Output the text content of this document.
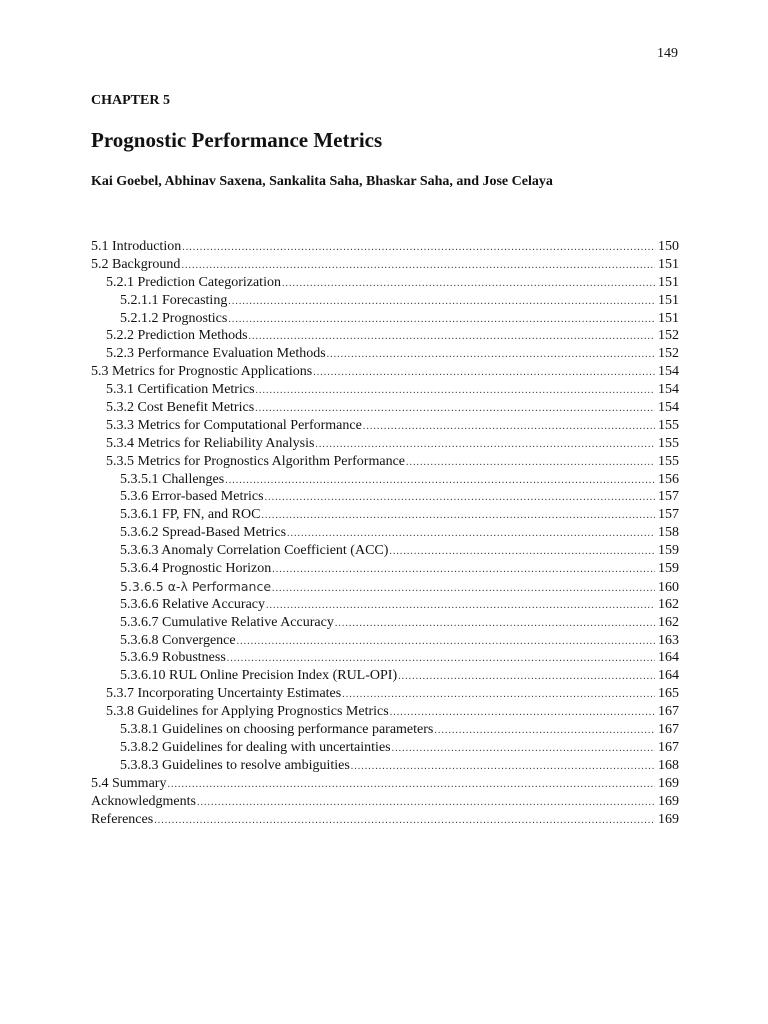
149
CHAPTER 5
Prognostic Performance Metrics
Kai Goebel, Abhinav Saxena, Sankalita Saha, Bhaskar Saha, and Jose Celaya
5.1 Introduction .....	150
5.2 Background .....	151
5.2.1 Prediction Categorization .....	151
5.2.1.1 Forecasting .....	151
5.2.1.2 Prognostics .....	151
5.2.2 Prediction Methods .....	152
5.2.3 Performance Evaluation Methods .....	152
5.3 Metrics for Prognostic Applications .....	154
5.3.1 Certification Metrics .....	154
5.3.2 Cost Benefit Metrics .....	154
5.3.3 Metrics for Computational Performance .....	155
5.3.4 Metrics for Reliability Analysis .....	155
5.3.5 Metrics for Prognostics Algorithm Performance .....	155
5.3.5.1 Challenges .....	156
5.3.6 Error-based Metrics .....	157
5.3.6.1 FP, FN, and ROC .....	157
5.3.6.2 Spread-Based Metrics .....	158
5.3.6.3 Anomaly Correlation Coefficient (ACC) .....	159
5.3.6.4 Prognostic Horizon .....	159
5.3.6.5 α-λ Performance .....	160
5.3.6.6 Relative Accuracy .....	162
5.3.6.7 Cumulative Relative Accuracy .....	162
5.3.6.8 Convergence .....	163
5.3.6.9 Robustness .....	164
5.3.6.10 RUL Online Precision Index (RUL-OPI) .....	164
5.3.7 Incorporating Uncertainty Estimates .....	165
5.3.8 Guidelines for Applying Prognostics Metrics .....	167
5.3.8.1 Guidelines on choosing performance parameters .....	167
5.3.8.2 Guidelines for dealing with uncertainties .....	167
5.3.8.3 Guidelines to resolve ambiguities .....	168
5.4 Summary .....	169
Acknowledgments .....	169
References .....	169
